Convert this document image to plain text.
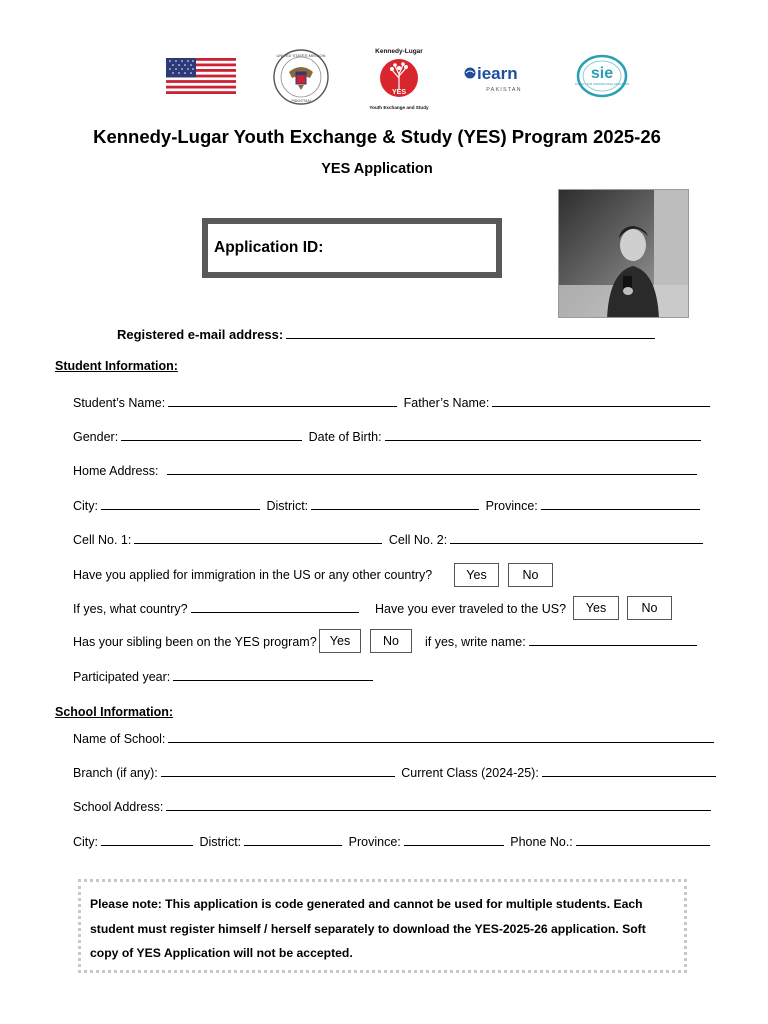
UNITED STATES MISSION
PAKISTAN
Kennedy-Lugar
YES
Youth Exchange and Study
iearn
PAKISTAN
sie
SOCIETY FOR INTERNATIONAL EDUCATION
Kennedy-Lugar Youth Exchange & Study (YES) Program 2025-26
YES Application
Application ID:
Registered e-mail address:
Student Information:
Student’s Name:	Father’s Name:
Gender:	Date of Birth:
Home Address:
City:	District:	Province:
Cell No. 1:	Cell No. 2:
Have you applied for immigration in the US or any other country?	Yes	No
If yes, what country?	Have you ever traveled to the US?	Yes	No
Has your sibling been on the YES program?	Yes	No	if yes, write name:
Participated year:
School Information:
Name of School:
Branch (if any):	Current Class (2024-25):
School Address:
City:	District:	Province:	Phone No.:
Please note: This application is code generated and cannot be used for multiple students. Each student must register himself / herself separately to download the YES-2025-26 application. Soft copy of YES Application will not be accepted.
